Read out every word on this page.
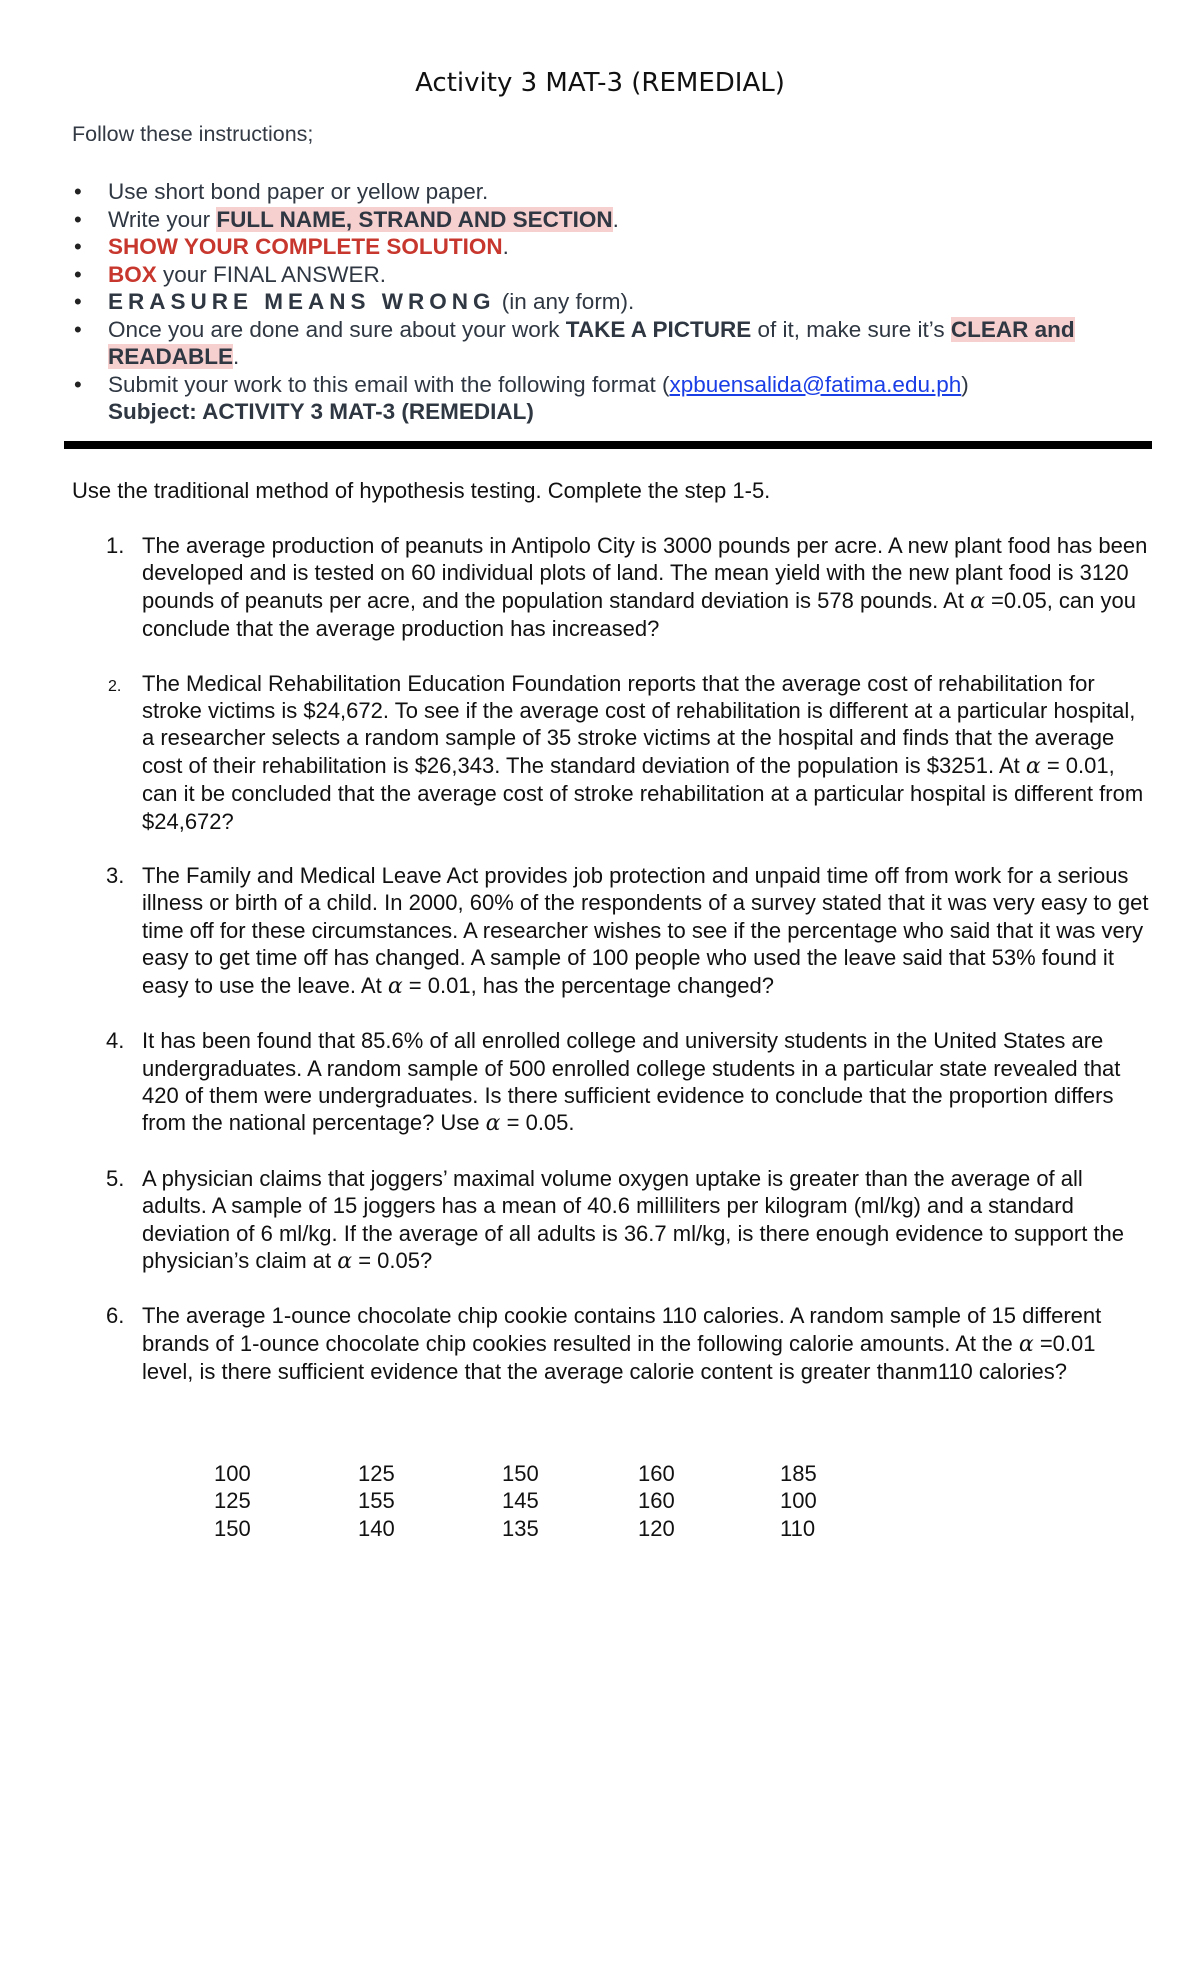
Activity 3 MAT-3 (REMEDIAL)
Follow these instructions;
• Use short bond paper or yellow paper.
• Write your FULL NAME, STRAND AND SECTION.
• SHOW YOUR COMPLETE SOLUTION.
• BOX your FINAL ANSWER.
• ERASURE MEANS WRONG (in any form).
• Once you are done and sure about your work TAKE A PICTURE of it, make sure it’s CLEAR and READABLE.
• Submit your work to this email with the following format (xpbuensalida@fatima.edu.ph)
Subject: ACTIVITY 3 MAT-3 (REMEDIAL)
Use the traditional method of hypothesis testing. Complete the step 1-5.
1. The average production of peanuts in Antipolo City is 3000 pounds per acre. A new plant food has been developed and is tested on 60 individual plots of land. The mean yield with the new plant food is 3120 pounds of peanuts per acre, and the population standard deviation is 578 pounds. At α =0.05, can you conclude that the average production has increased?
2. The Medical Rehabilitation Education Foundation reports that the average cost of rehabilitation for stroke victims is $24,672. To see if the average cost of rehabilitation is different at a particular hospital, a researcher selects a random sample of 35 stroke victims at the hospital and finds that the average cost of their rehabilitation is $26,343. The standard deviation of the population is $3251. At α = 0.01, can it be concluded that the average cost of stroke rehabilitation at a particular hospital is different from $24,672?
3. The Family and Medical Leave Act provides job protection and unpaid time off from work for a serious illness or birth of a child. In 2000, 60% of the respondents of a survey stated that it was very easy to get time off for these circumstances. A researcher wishes to see if the percentage who said that it was very easy to get time off has changed. A sample of 100 people who used the leave said that 53% found it easy to use the leave. At α = 0.01, has the percentage changed?
4. It has been found that 85.6% of all enrolled college and university students in the United States are undergraduates. A random sample of 500 enrolled college students in a particular state revealed that 420 of them were undergraduates. Is there sufficient evidence to conclude that the proportion differs from the national percentage? Use α = 0.05.
5. A physician claims that joggers’ maximal volume oxygen uptake is greater than the average of all adults. A sample of 15 joggers has a mean of 40.6 milliliters per kilogram (ml/kg) and a standard deviation of 6 ml/kg. If the average of all adults is 36.7 ml/kg, is there enough evidence to support the physician’s claim at α = 0.05?
6. The average 1-ounce chocolate chip cookie contains 110 calories. A random sample of 15 different brands of 1-ounce chocolate chip cookies resulted in the following calorie amounts. At the α =0.01 level, is there sufficient evidence that the average calorie content is greater thanm110 calories?
100	125	150	160	185
125	155	145	160	100
150	140	135	120	110
